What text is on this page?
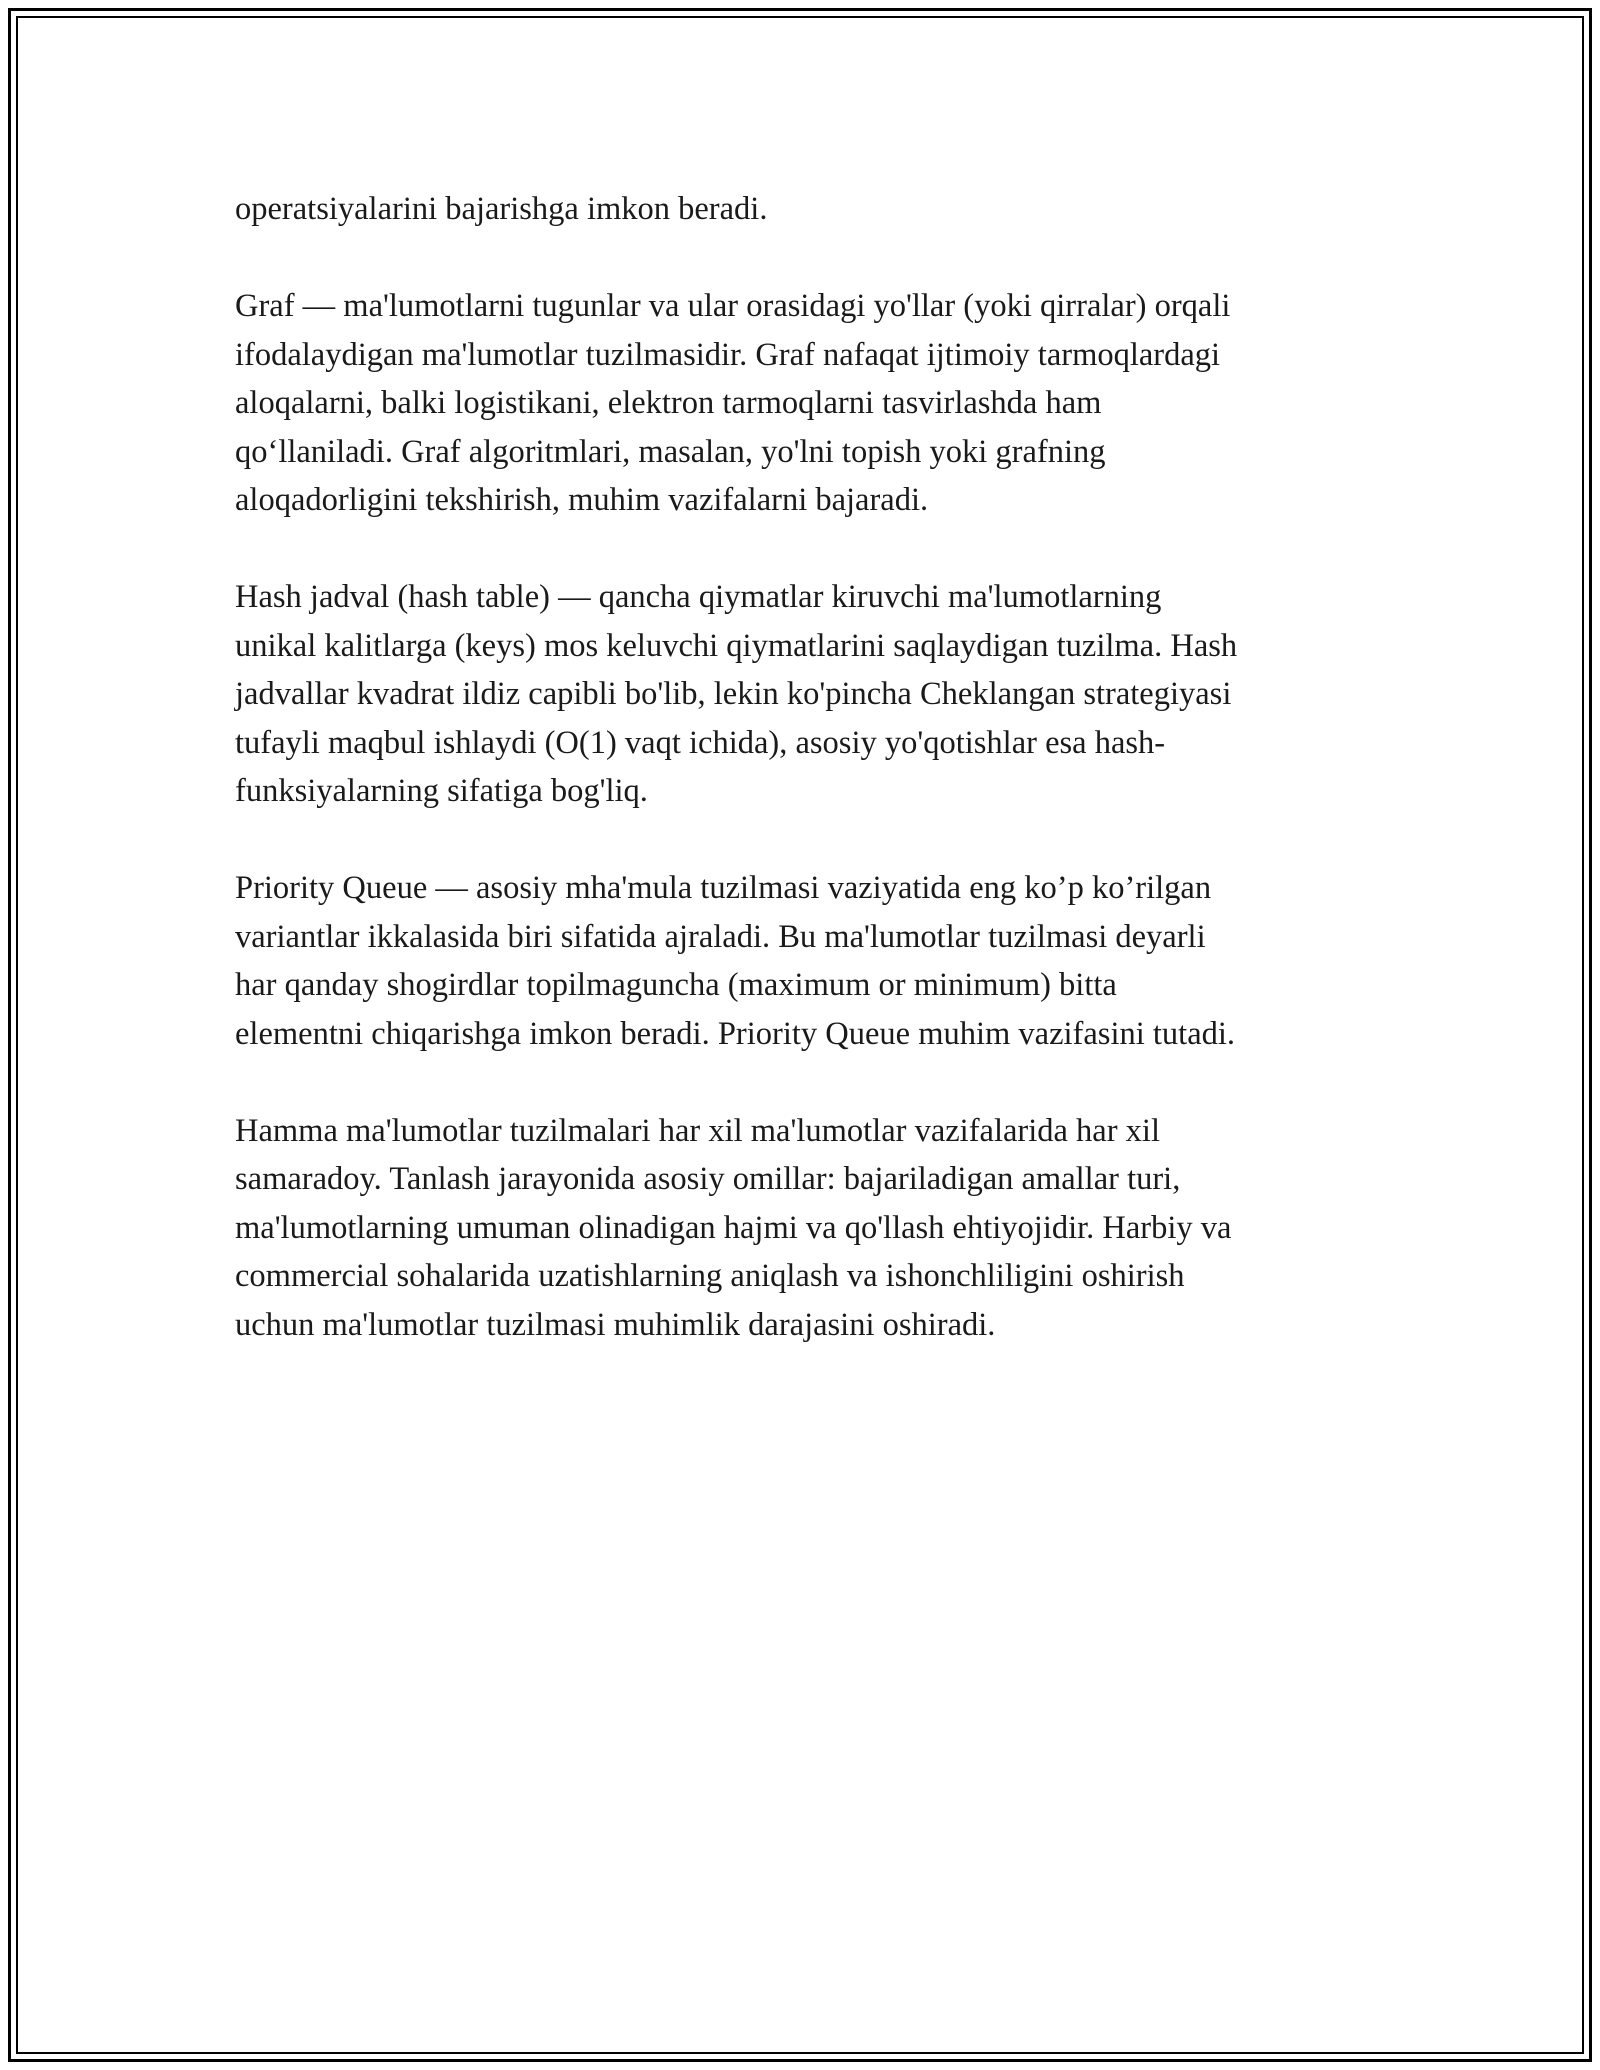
operatsiyalarini bajarishga imkon beradi.

Graf — ma'lumotlarni tugunlar va ular orasidagi yo'llar (yoki qirralar) orqali
ifodalaydigan ma'lumotlar tuzilmasidir. Graf nafaqat ijtimoiy tarmoqlardagi
aloqalarni, balki logistikani, elektron tarmoqlarni tasvirlashda ham
qo‘llaniladi. Graf algoritmlari, masalan, yo'lni topish yoki grafning
aloqadorligini tekshirish, muhim vazifalarni bajaradi.

Hash jadval (hash table) — qancha qiymatlar kiruvchi ma'lumotlarning
unikal kalitlarga (keys) mos keluvchi qiymatlarini saqlaydigan tuzilma. Hash
jadvallar kvadrat ildiz capibli bo'lib, lekin ko'pincha Cheklangan strategiyasi
tufayli maqbul ishlaydi (O(1) vaqt ichida), asosiy yo'qotishlar esa hash-
funksiyalarning sifatiga bog'liq.

Priority Queue — asosiy mha'mula tuzilmasi vaziyatida eng ko’p ko’rilgan
variantlar ikkalasida biri sifatida ajraladi. Bu ma'lumotlar tuzilmasi deyarli
har qanday shogirdlar topilmaguncha (maximum or minimum) bitta
elementni chiqarishga imkon beradi. Priority Queue muhim vazifasini tutadi.

Hamma ma'lumotlar tuzilmalari har xil ma'lumotlar vazifalarida har xil
samaradoy. Tanlash jarayonida asosiy omillar: bajariladigan amallar turi,
ma'lumotlarning umuman olinadigan hajmi va qo'llash ehtiyojidir. Harbiy va
commercial sohalarida uzatishlarning aniqlash va ishonchliligini oshirish
uchun ma'lumotlar tuzilmasi muhimlik darajasini oshiradi.
